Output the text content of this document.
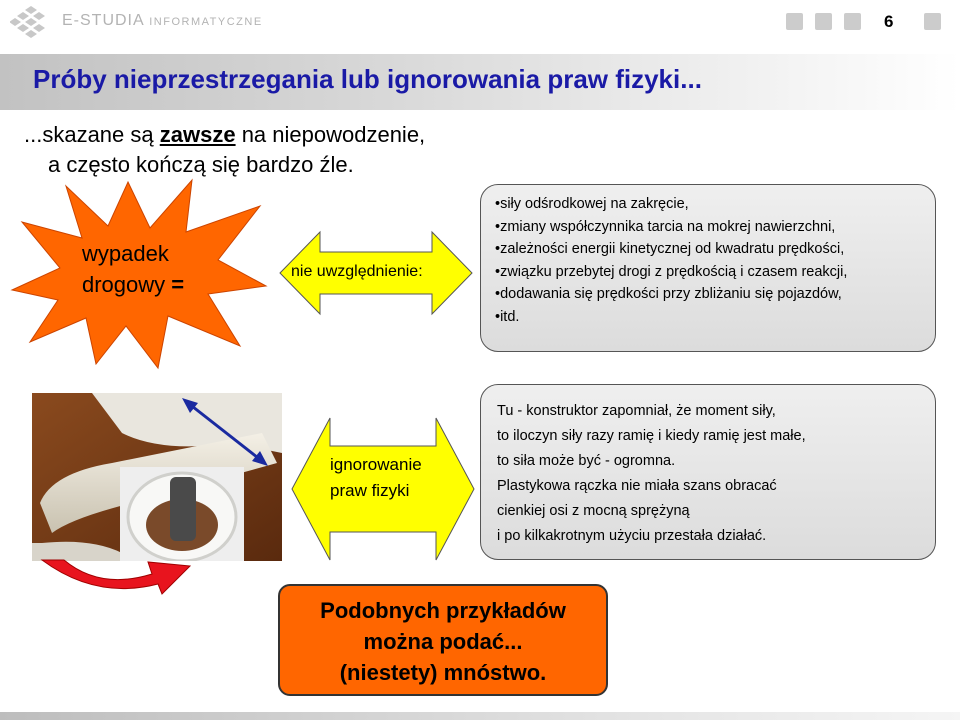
E-STUDIA INFORMATYCZNE	6
Próby nieprzestrzegania lub ignorowania praw fizyki...
...skazane są zawsze na niepowodzenie,
a często kończą się bardzo źle.
wypadek
drogowy =
nie uwzględnienie:
•siły odśrodkowej na zakręcie,
•zmiany współczynnika tarcia na mokrej nawierzchni,
•zależności energii kinetycznej od kwadratu prędkości,
•związku przebytej drogi z prędkością i czasem reakcji,
•dodawania się prędkości przy zbliżaniu się pojazdów,
•itd.
ignorowanie
praw fizyki
Tu - konstruktor zapomniał, że moment siły,
to iloczyn siły razy ramię i kiedy ramię jest małe,
to siła może być - ogromna.
Plastykowa rączka nie miała szans obracać
cienkiej osi z mocną sprężyną
i po kilkakrotnym użyciu przestała działać.
Podobnych przykładów
można podać...
(niestety) mnóstwo.
